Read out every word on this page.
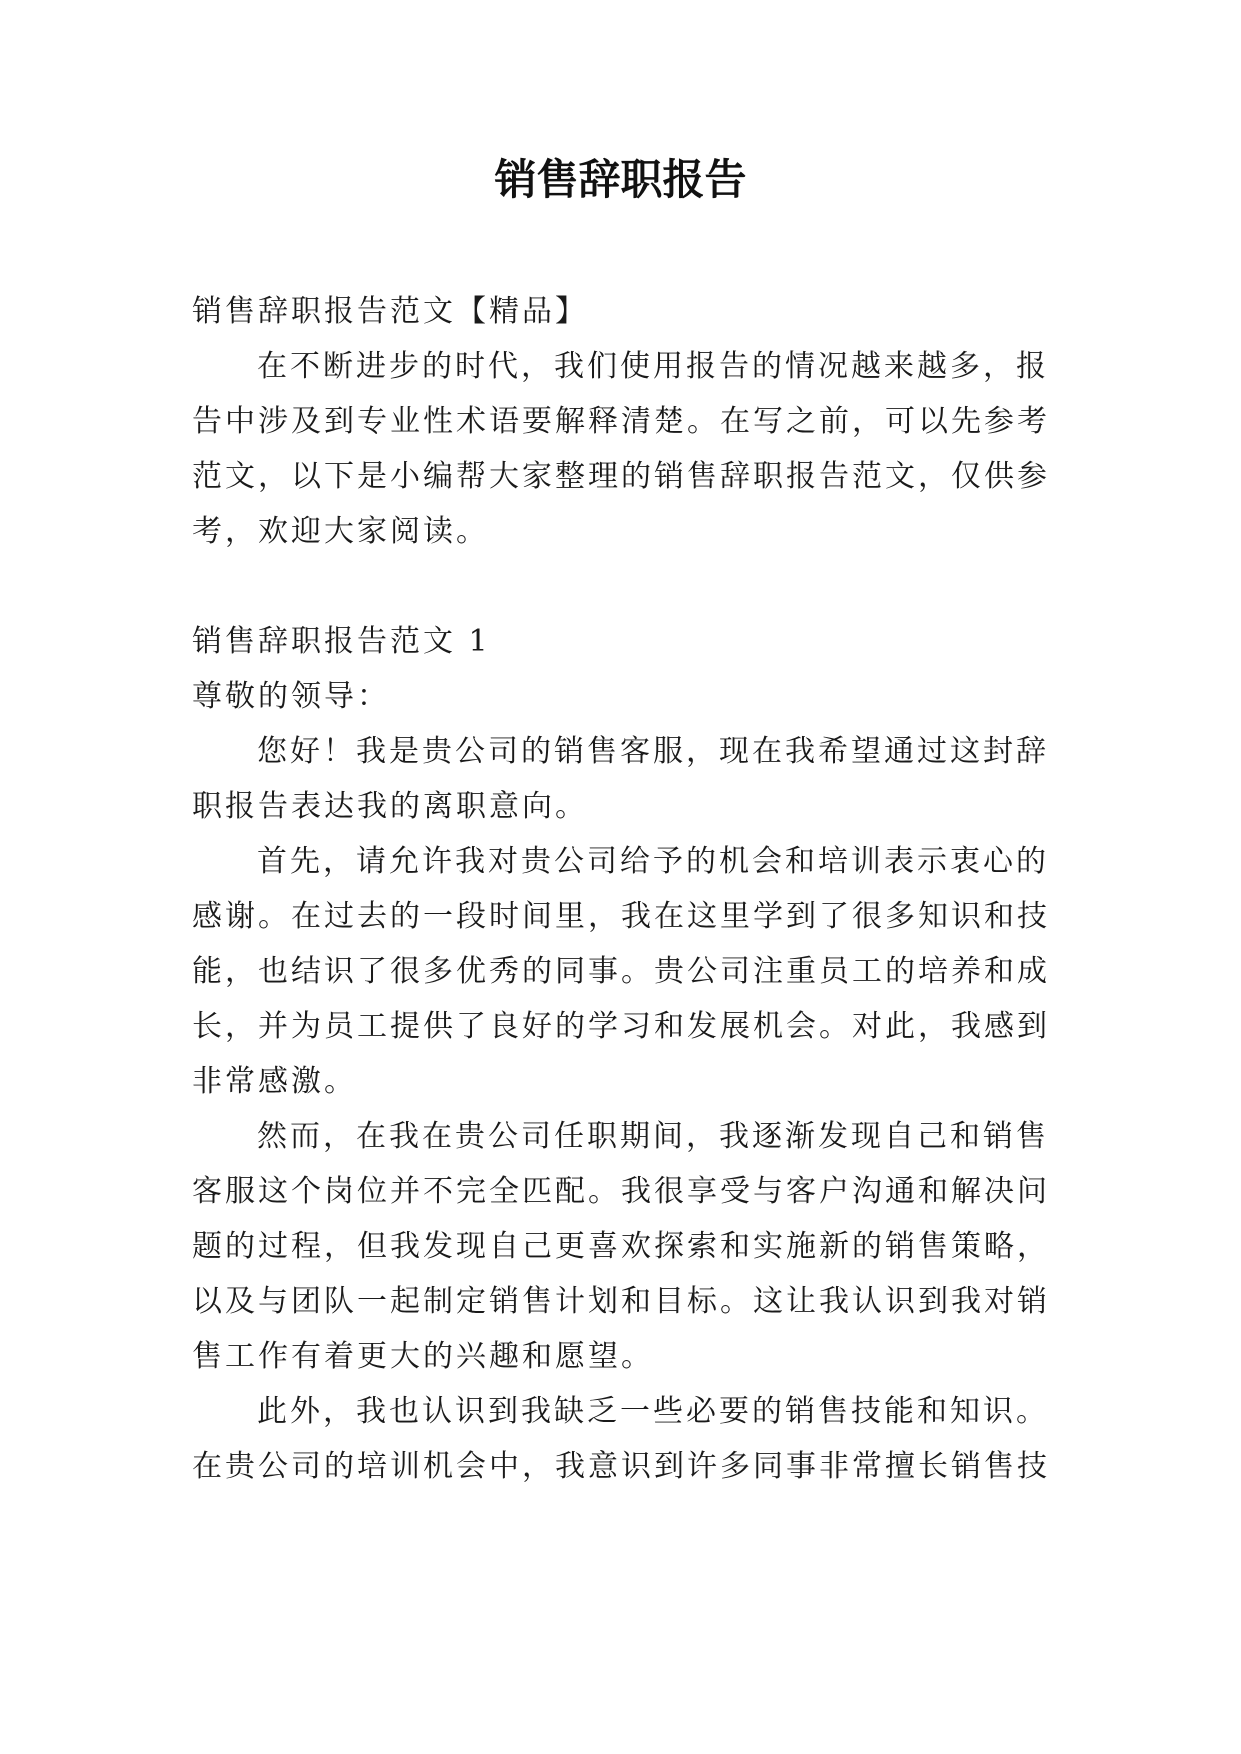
销售辞职报告

销售辞职报告范文【精品】

在不断进步的时代，我们使用报告的情况越来越多，报

告中涉及到专业性术语要解释清楚。在写之前，可以先参考

范文，以下是小编帮大家整理的销售辞职报告范文，仅供参

考，欢迎大家阅读。

销售辞职报告范文 1

尊敬的领导：

您好！我是贵公司的销售客服，现在我希望通过这封辞

职报告表达我的离职意向。

首先，请允许我对贵公司给予的机会和培训表示衷心的

感谢。在过去的一段时间里，我在这里学到了很多知识和技

能，也结识了很多优秀的同事。贵公司注重员工的培养和成

长，并为员工提供了良好的学习和发展机会。对此，我感到

非常感激。

然而，在我在贵公司任职期间，我逐渐发现自己和销售

客服这个岗位并不完全匹配。我很享受与客户沟通和解决问

题的过程，但我发现自己更喜欢探索和实施新的销售策略，

以及与团队一起制定销售计划和目标。这让我认识到我对销

售工作有着更大的兴趣和愿望。

此外，我也认识到我缺乏一些必要的销售技能和知识。

在贵公司的培训机会中，我意识到许多同事非常擅长销售技
